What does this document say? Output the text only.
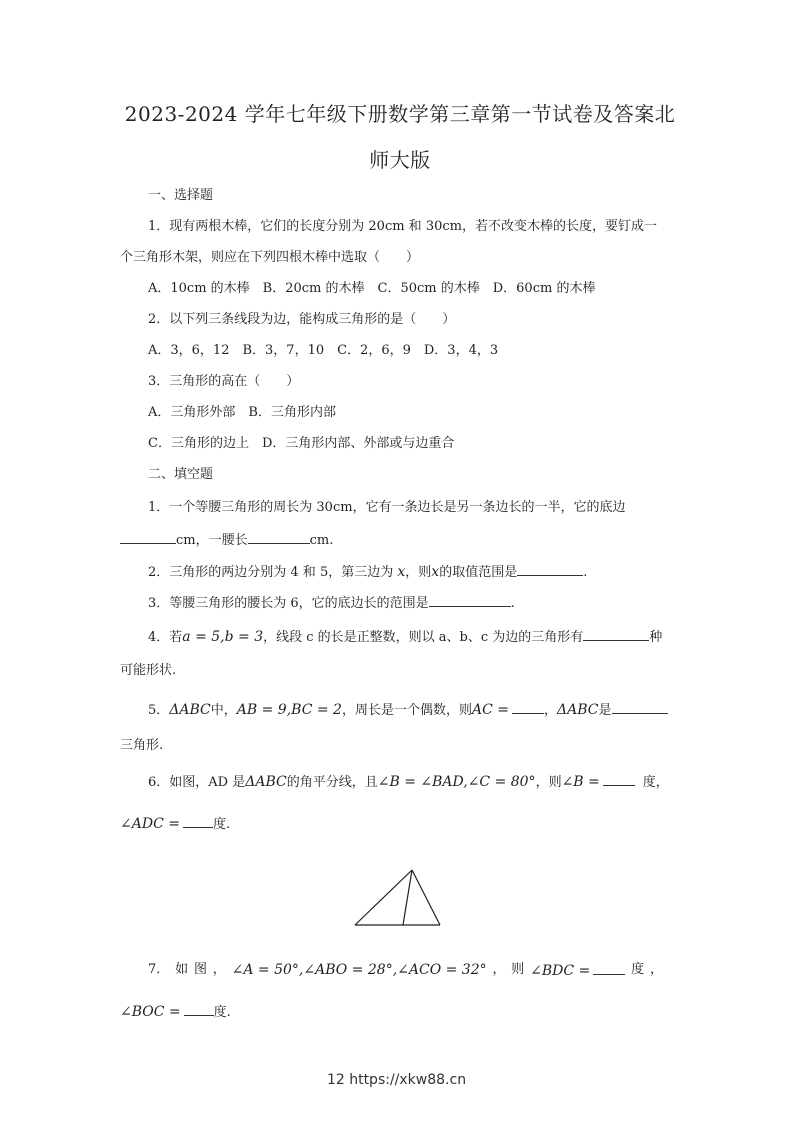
2023-2024 学年七年级下册数学第三章第一节试卷及答案北
师大版
一、选择题
1．现有两根木棒，它们的长度分别为 20cm 和 30cm，若不改变木棒的长度，要钉成一
个三角形木架，则应在下列四根木棒中选取（　　）
A．10cm 的木棒　B．20cm 的木棒　C．50cm 的木棒　D．60cm 的木棒
2．以下列三条线段为边，能构成三角形的是（　　）
A．3，6，12　B．3，7，10　C．2，6，9　D．3，4，3
3．三角形的高在（　　）
A．三角形外部　B．三角形内部
C．三角形的边上　D．三角形内部、外部或与边重合
二、填空题
1．一个等腰三角形的周长为 30cm，它有一条边长是另一条边长的一半，它的底边
cm，一腰长	cm.
2．三角形的两边分别为 4 和 5，第三边为 x，则x的取值范围是	.
3．等腰三角形的腰长为 6，它的底边长的范围是	.
4．若a = 5,b = 3，线段 c 的长是正整数，则以 a、b、c 为边的三角形有	种
可能形状.
5．ΔABC中，AB = 9,BC = 2，周长是一个偶数，则AC =	，ΔABC是
三角形.
6．如图，AD 是ΔABC的角平分线，且∠B = ∠BAD,∠C = 80°，则∠B =	度，
∠ADC =	度.
7． 如 图 ， ∠A = 50°,∠ABO = 28°,∠ACO = 32° ， 则 ∠BDC =	度 ，
∠BOC =	度.
12 https://xkw88.cn
